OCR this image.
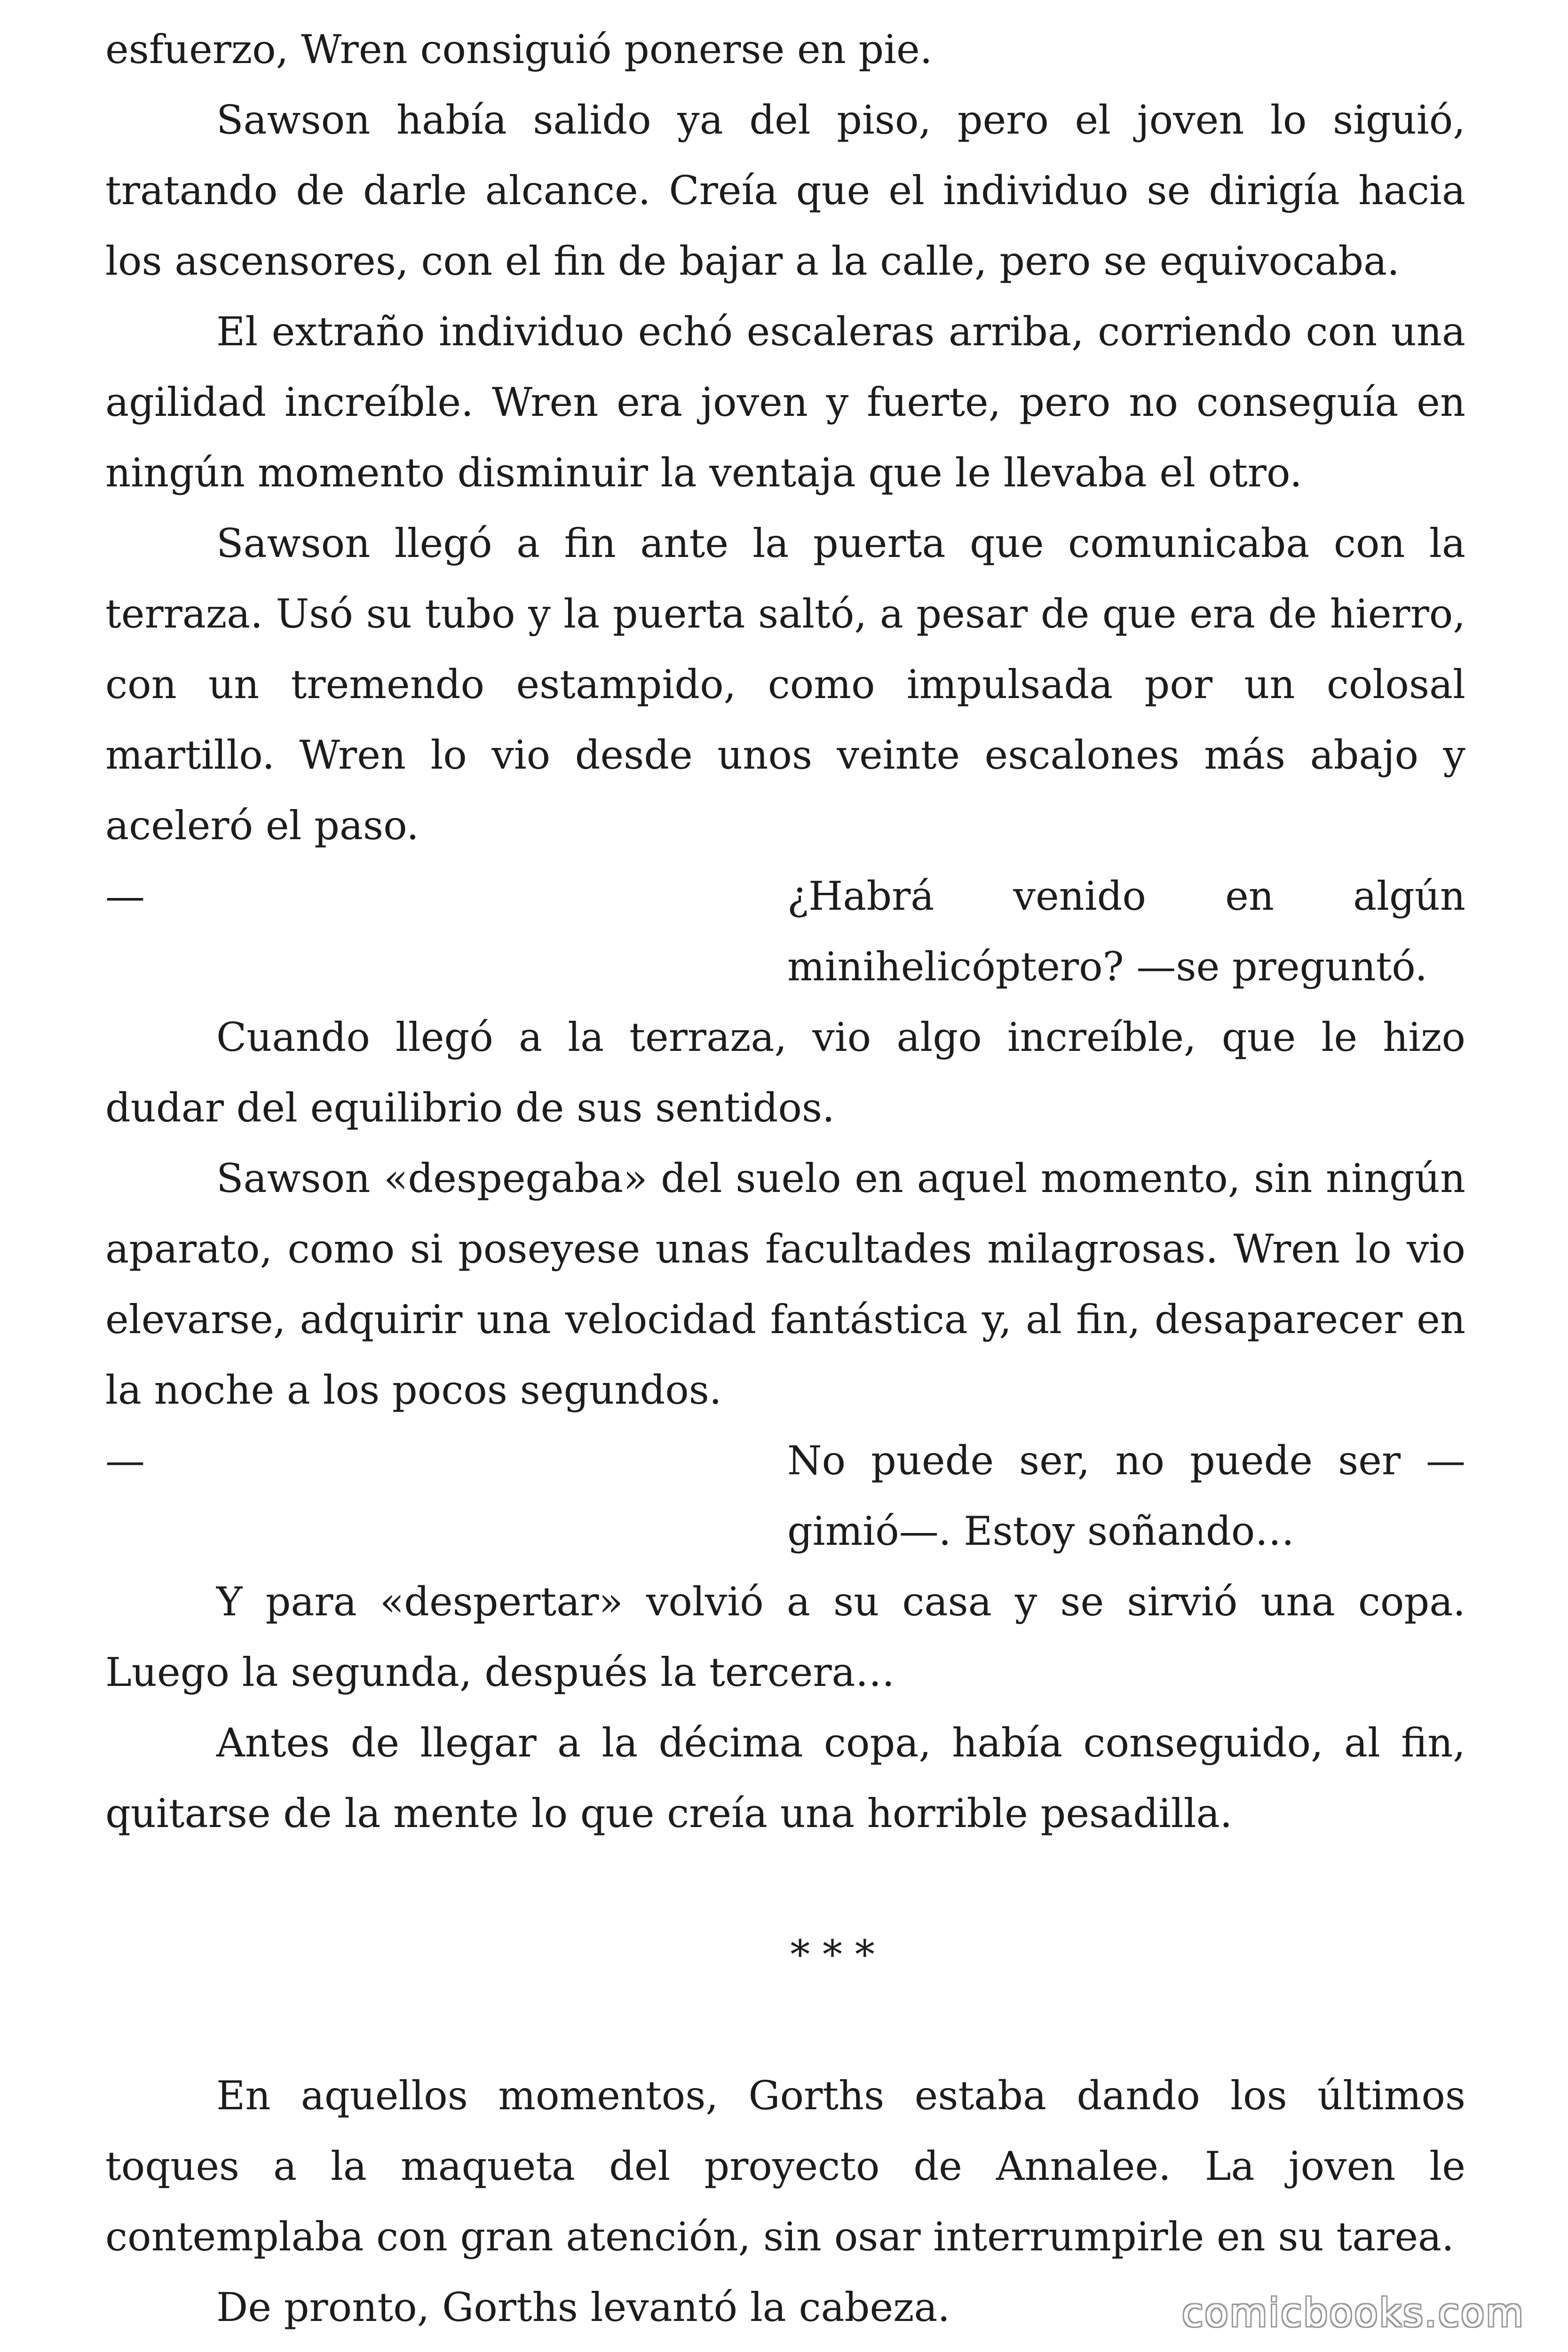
esfuerzo, Wren consiguió ponerse en pie.

Sawson había salido ya del piso, pero el joven lo siguió, tratando de darle alcance. Creía que el individuo se dirigía hacia los ascensores, con el fin de bajar a la calle, pero se equivocaba.

El extraño individuo echó escaleras arriba, corriendo con una agilidad increíble. Wren era joven y fuerte, pero no conseguía en ningún momento disminuir la ventaja que le llevaba el otro.

Sawson llegó a fin ante la puerta que comunicaba con la terraza. Usó su tubo y la puerta saltó, a pesar de que era de hierro, con un tremendo estampido, como impulsada por un colosal martillo. Wren lo vio desde unos veinte escalones más abajo y aceleró el paso.

—	¿Habrá venido en algún minihelicóptero? —se preguntó.

Cuando llegó a la terraza, vio algo increíble, que le hizo dudar del equilibrio de sus sentidos.

Sawson «despegaba» del suelo en aquel momento, sin ningún aparato, como si poseyese unas facultades milagrosas. Wren lo vio elevarse, adquirir una velocidad fantástica y, al fin, desaparecer en la noche a los pocos segundos.

—	No puede ser, no puede ser —gimió—. Estoy soñando…

Y para «despertar» volvió a su casa y se sirvió una copa. Luego la segunda, después la tercera…

Antes de llegar a la décima copa, había conseguido, al fin, quitarse de la mente lo que creía una horrible pesadilla.

* * *

En aquellos momentos, Gorths estaba dando los últimos toques a la maqueta del proyecto de Annalee. La joven le contemplaba con gran atención, sin osar interrumpirle en su tarea.

De pronto, Gorths levantó la cabeza.	comicbooks.com
